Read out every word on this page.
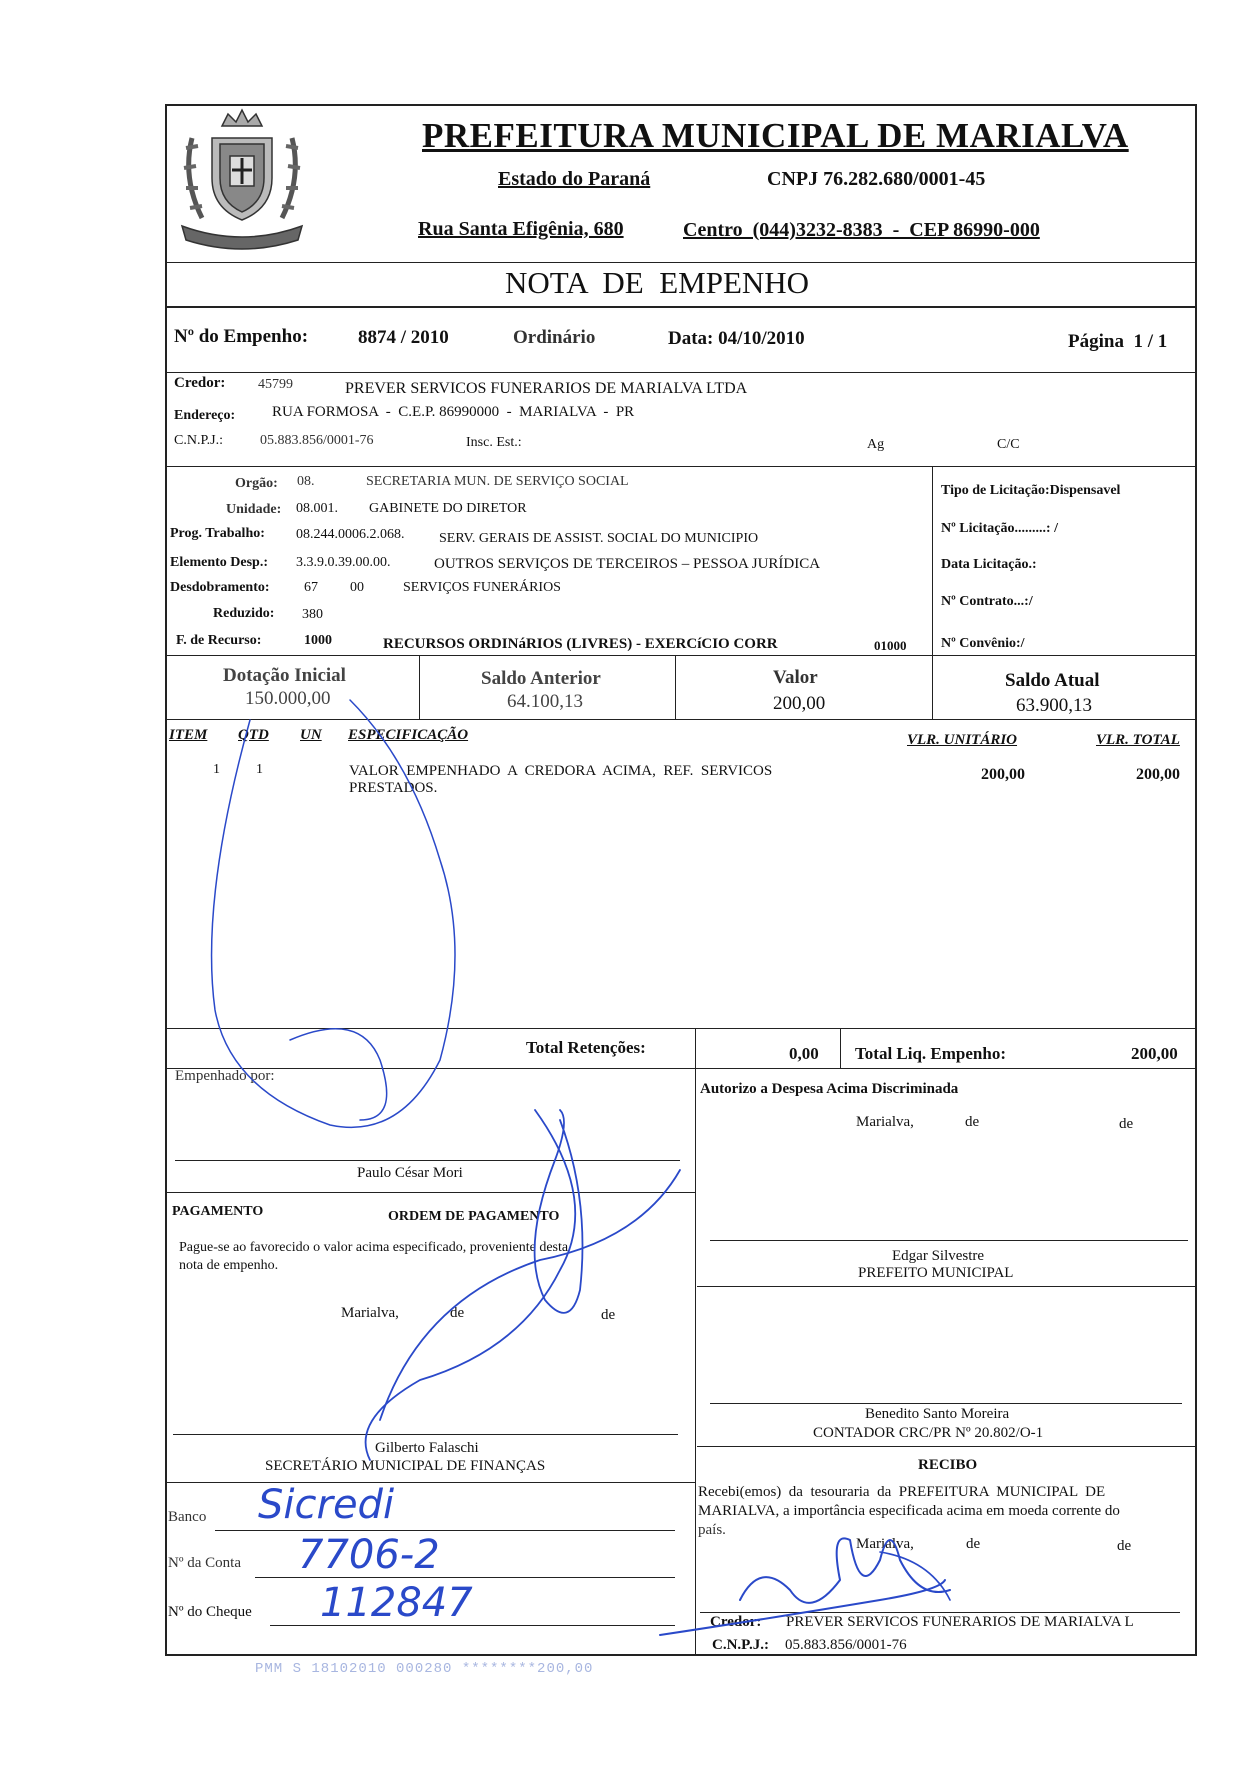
PREFEITURA MUNICIPAL DE MARIALVA
Estado do Paraná	CNPJ 76.282.680/0001-45
Rua Santa Efigênia, 680	Centro  (044)3232-8383  -  CEP 86990-000
NOTA  DE  EMPENHO
Nº do Empenho:	8874 / 2010	Ordinário	Data: 04/10/2010	Página  1 / 1
Credor: 45799	PREVER SERVICOS FUNERARIOS DE MARIALVA LTDA
Endereço: RUA FORMOSA  -  C.E.P. 86990000  -  MARIALVA  -  PR
C.N.P.J.:	05.883.856/0001-76	Insc. Est.:	Ag	C/C
Orgão: 08.	SECRETARIA MUN. DE SERVIÇO SOCIAL
Unidade: 08.001. GABINETE DO DIRETOR
Prog. Trabalho: 08.244.0006.2.068. SERV. GERAIS DE ASSIST. SOCIAL DO MUNICIPIO
Elemento Desp.: 3.3.9.0.39.00.00.	OUTROS SERVIÇOS DE TERCEIROS – PESSOA JURÍDICA
Desdobramento: 67 00	SERVIÇOS FUNERÁRIOS
Reduzido: 380
F. de Recurso:	1000	RECURSOS ORDINáRIOS (LIVRES) - EXERCíCIO CORR	01000
Tipo de Licitação:Dispensavel
Nº Licitação.........: /
Data Licitação.:
Nº Contrato...:/
Nº Convênio:/
Dotação Inicial
150.000,00
Saldo Anterior
64.100,13
Valor
200,00
Saldo Atual
63.900,13
ITEM QTD UN ESPECIFICAÇÃO	VLR. UNITÁRIO	VLR. TOTAL
1	1	VALOR  EMPENHADO  A  CREDORA  ACIMA,  REF.  SERVICOS
PRESTADOS.
200,00	200,00
Total Retenções:	0,00 Total Liq. Empenho:	200,00
Empenhado por:
Paulo César Mori
Autorizo a Despesa Acima Discriminada
Marialva,	de	de
Edgar Silvestre
PREFEITO MUNICIPAL
Benedito Santo Moreira
CONTADOR CRC/PR Nº 20.802/O-1
PAGAMENTO	ORDEM DE PAGAMENTO
Pague-se ao favorecido o valor acima especificado, proveniente desta
nota de empenho.
Marialva,	de	de
Gilberto Falaschi
SECRETÁRIO MUNICIPAL DE FINANÇAS
Banco Sicredi
Nº da Conta 7706-2
Nº do Cheque 112847
RECIBO
Recebi(emos)  da  tesouraria  da  PREFEITURA  MUNICIPAL  DE
MARIALVA, a importância especificada acima em moeda corrente do
país.
Marialva,	de	de
Credor: PREVER SERVICOS FUNERARIOS DE MARIALVA L
C.N.P.J.: 05.883.856/0001-76
PMM S 18102010 000280 ********200,00
